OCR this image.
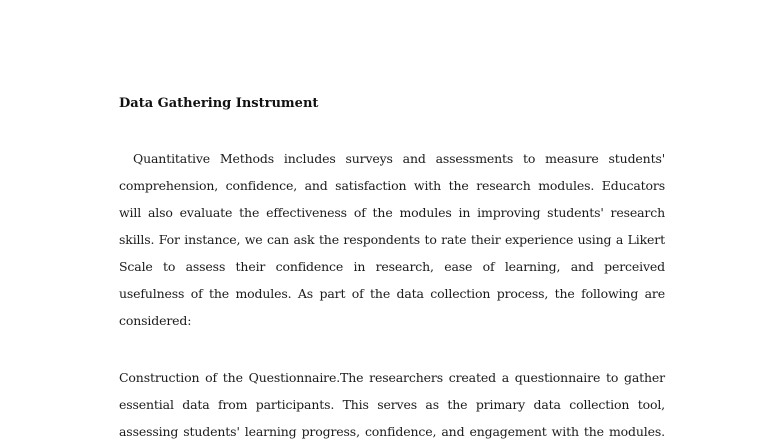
Data Gathering Instrument
Quantitative Methods includes surveys and assessments to measure students'
comprehension, confidence, and satisfaction with the research modules. Educators
will also evaluate the effectiveness of the modules in improving students' research
skills. For instance, we can ask the respondents to rate their experience using a Likert
Scale to assess their confidence in research, ease of learning, and perceived
usefulness of the modules. As part of the data collection process, the following are
considered:
Construction of the Questionnaire.The researchers created a questionnaire to gather
essential data from participants. This serves as the primary data collection tool,
assessing students' learning progress, confidence, and engagement with the modules.
